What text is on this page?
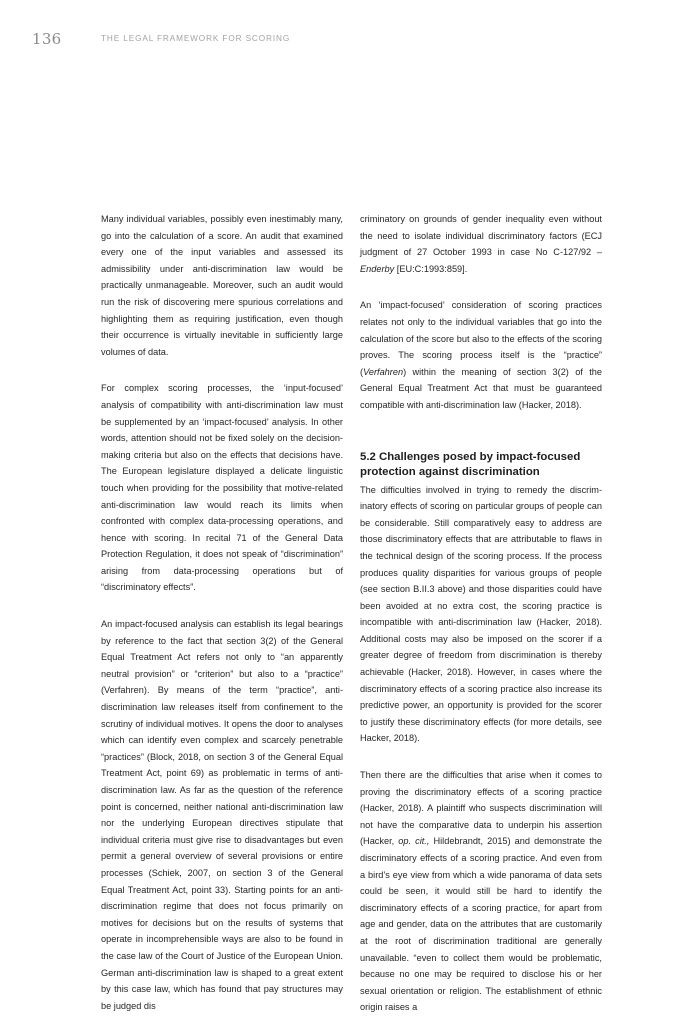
136	THE LEGAL FRAMEWORK FOR SCORING

Many individual variables, possibly even inestimably many, go into the calculation of a score. An audit that examined every one of the input variables and assessed its admissibility under anti-discrimination law would be practically unmanageable. Moreover, such an audit would run the risk of discovering mere spurious correlations and highlighting them as requiring justification, even though their occurrence is virtually inevitable in sufficiently large volumes of data.

For complex scoring processes, the ‘input-focused’ analysis of compatibility with anti-discrimination law must be supplemented by an ‘impact-focused’ analysis. In other words, attention should not be fixed solely on the decision-making criteria but also on the effects that decisions have. The European legislature displayed a delicate linguistic touch when providing for the possibility that motive-related anti-discrimination law would reach its limits when confronted with complex data-processing operations, and hence with scoring. In recital 71 of the General Data Protection Regulation, it does not speak of “discrimination” arising from data-processing operations but of “discriminatory effects”.

An impact-focused analysis can establish its legal bearings by reference to the fact that section 3(2) of the General Equal Treatment Act refers not only to “an apparently neutral provision” or “criterion” but also to a “practice” (Verfahren). By means of the term “practice”, anti-discrimination law releases itself from confinement to the scrutiny of individual motives. It opens the door to analyses which can identify even complex and scarcely penetrable “practices” (Block, 2018, on section 3 of the General Equal Treatment Act, point 69) as problematic in terms of anti-discrimination law. As far as the question of the reference point is concerned, neither national anti-discrimination law nor the underlying European directives stipulate that individual criteria must give rise to disadvantages but even permit a general overview of several provisions or entire processes (Schiek, 2007, on section 3 of the General Equal Treatment Act, point 33). Starting points for an anti-discrimination regime that does not focus primarily on motives for decisions but on the results of systems that operate in incomprehensible ways are also to be found in the case law of the Court of Justice of the European Union. German anti-discrimination law is shaped to a great extent by this case law, which has found that pay structures may be judged dis

criminatory on grounds of gender inequality even without the need to isolate individual discriminatory factors (ECJ judgment of 27 October 1993 in case No C-127/92 – Enderby [EU:C:1993:859].

An ‘impact-focused’ consideration of scoring practices relates not only to the individual variables that go into the calculation of the score but also to the effects of the scoring proves. The scoring process itself is the “practice” (Verfahren) within the meaning of section 3(2) of the General Equal Treatment Act that must be guaranteed compatible with anti-discrimination law (Hacker, 2018).

5.2 Challenges posed by impact-focused protection against discrimination

The difficulties involved in trying to remedy the discriminatory effects of scoring on particular groups of people can be considerable. Still comparatively easy to address are those discriminatory effects that are attributable to flaws in the technical design of the scoring process. If the process produces quality disparities for various groups of people (see section B.II.3 above) and those disparities could have been avoided at no extra cost, the scoring practice is incompatible with anti-discrimination law (Hacker, 2018). Additional costs may also be imposed on the scorer if a greater degree of freedom from discrimination is thereby achievable (Hacker, 2018). However, in cases where the discriminatory effects of a scoring practice also increase its predictive power, an opportunity is provided for the scorer to justify these discriminatory effects (for more details, see Hacker, 2018).

Then there are the difficulties that arise when it comes to proving the discriminatory effects of a scoring practice (Hacker, 2018). A plaintiff who suspects discrimination will not have the comparative data to underpin his assertion (Hacker, op. cit., Hildebrandt, 2015) and demonstrate the discriminatory effects of a scoring practice. And even from a bird’s eye view from which a wide panorama of data sets could be seen, it would still be hard to identify the discriminatory effects of a scoring practice, for apart from age and gender, data on the attributes that are customarily at the root of discrimination traditional are generally unavailable. “even to collect them would be problematic, because no one may be required to disclose his or her sexual orientation or religion. The establishment of ethnic origin raises a
